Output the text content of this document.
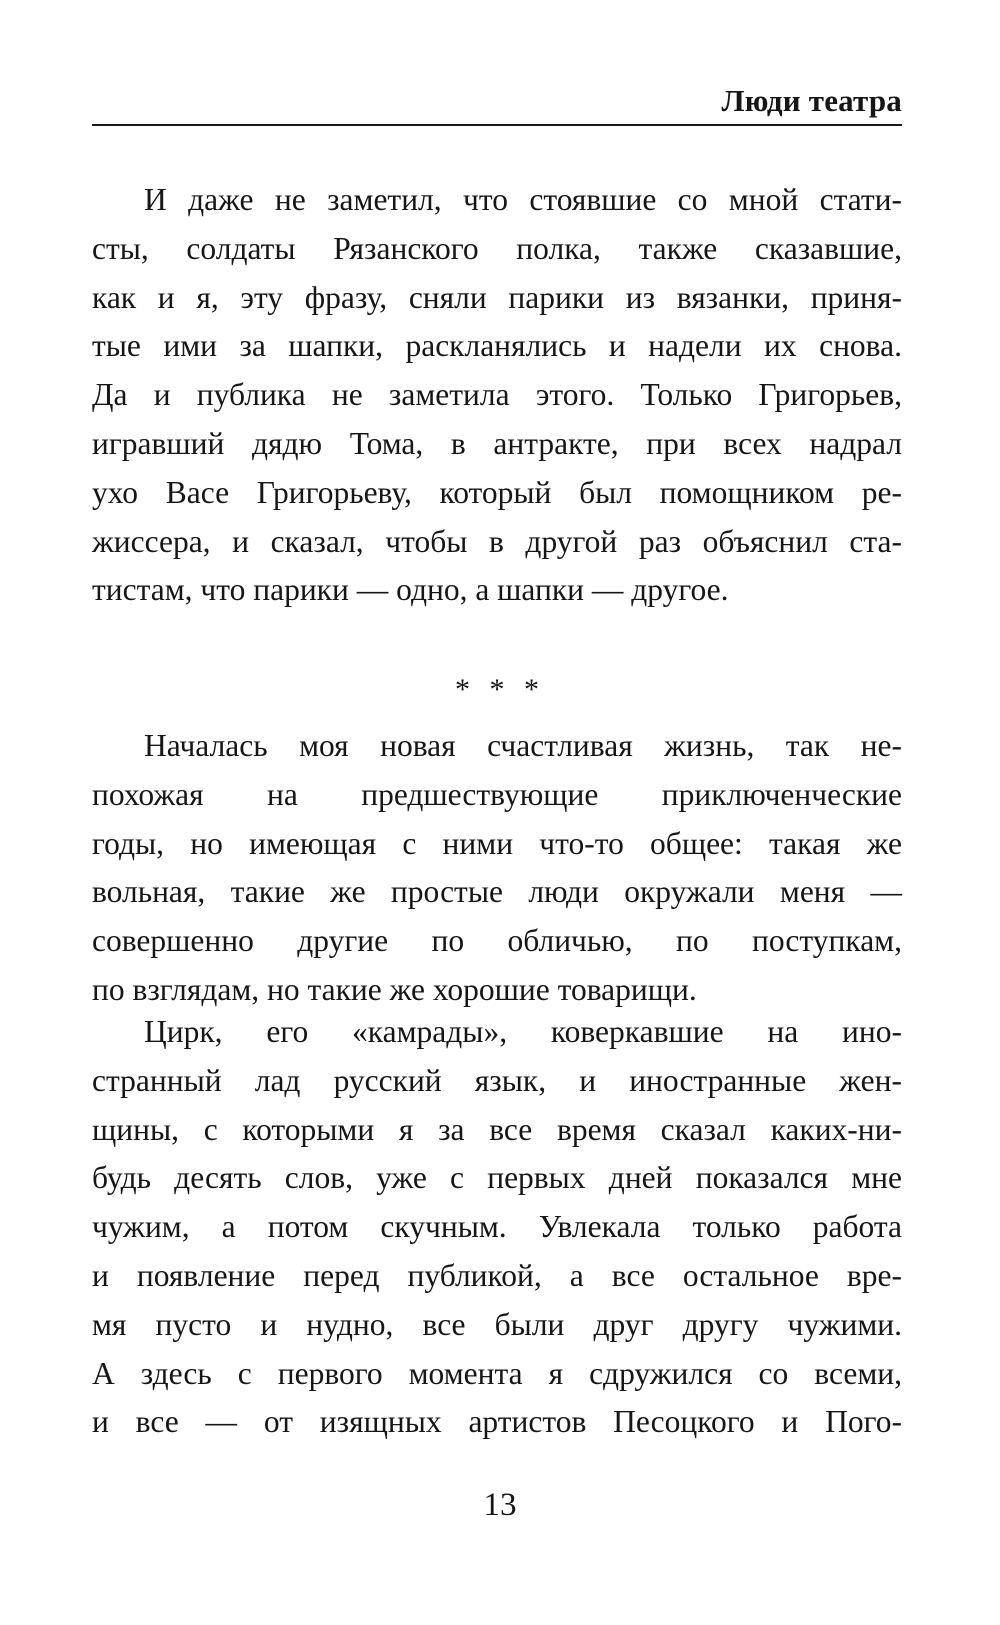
Люди театра
И даже не заметил, что стоявшие со мной стати-
сты, солдаты Рязанского полка, также сказавшие,
как и я, эту фразу, сняли парики из вязанки, приня-
тые ими за шапки, раскланялись и надели их снова.
Да и публика не заметила этого. Только Григорьев,
игравший дядю Тома, в антракте, при всех надрал
ухо Васе Григорьеву, который был помощником ре-
жиссера, и сказал, чтобы в другой раз объяснил ста-
тистам, что парики — одно, а шапки — другое.
* * *
Началась моя новая счастливая жизнь, так не-
похожая на предшествующие приключенческие
годы, но имеющая с ними что-то общее: такая же
вольная, такие же простые люди окружали меня —
совершенно другие по обличью, по поступкам,
по взглядам, но такие же хорошие товарищи.
Цирк, его «камрады», коверкавшие на ино-
странный лад русский язык, и иностранные жен-
щины, с которыми я за все время сказал каких-ни-
будь десять слов, уже с первых дней показался мне
чужим, а потом скучным. Увлекала только работа
и появление перед публикой, а все остальное вре-
мя пусто и нудно, все были друг другу чужими.
А здесь с первого момента я сдружился со всеми,
и все — от изящных артистов Песоцкого и Пого-
13
